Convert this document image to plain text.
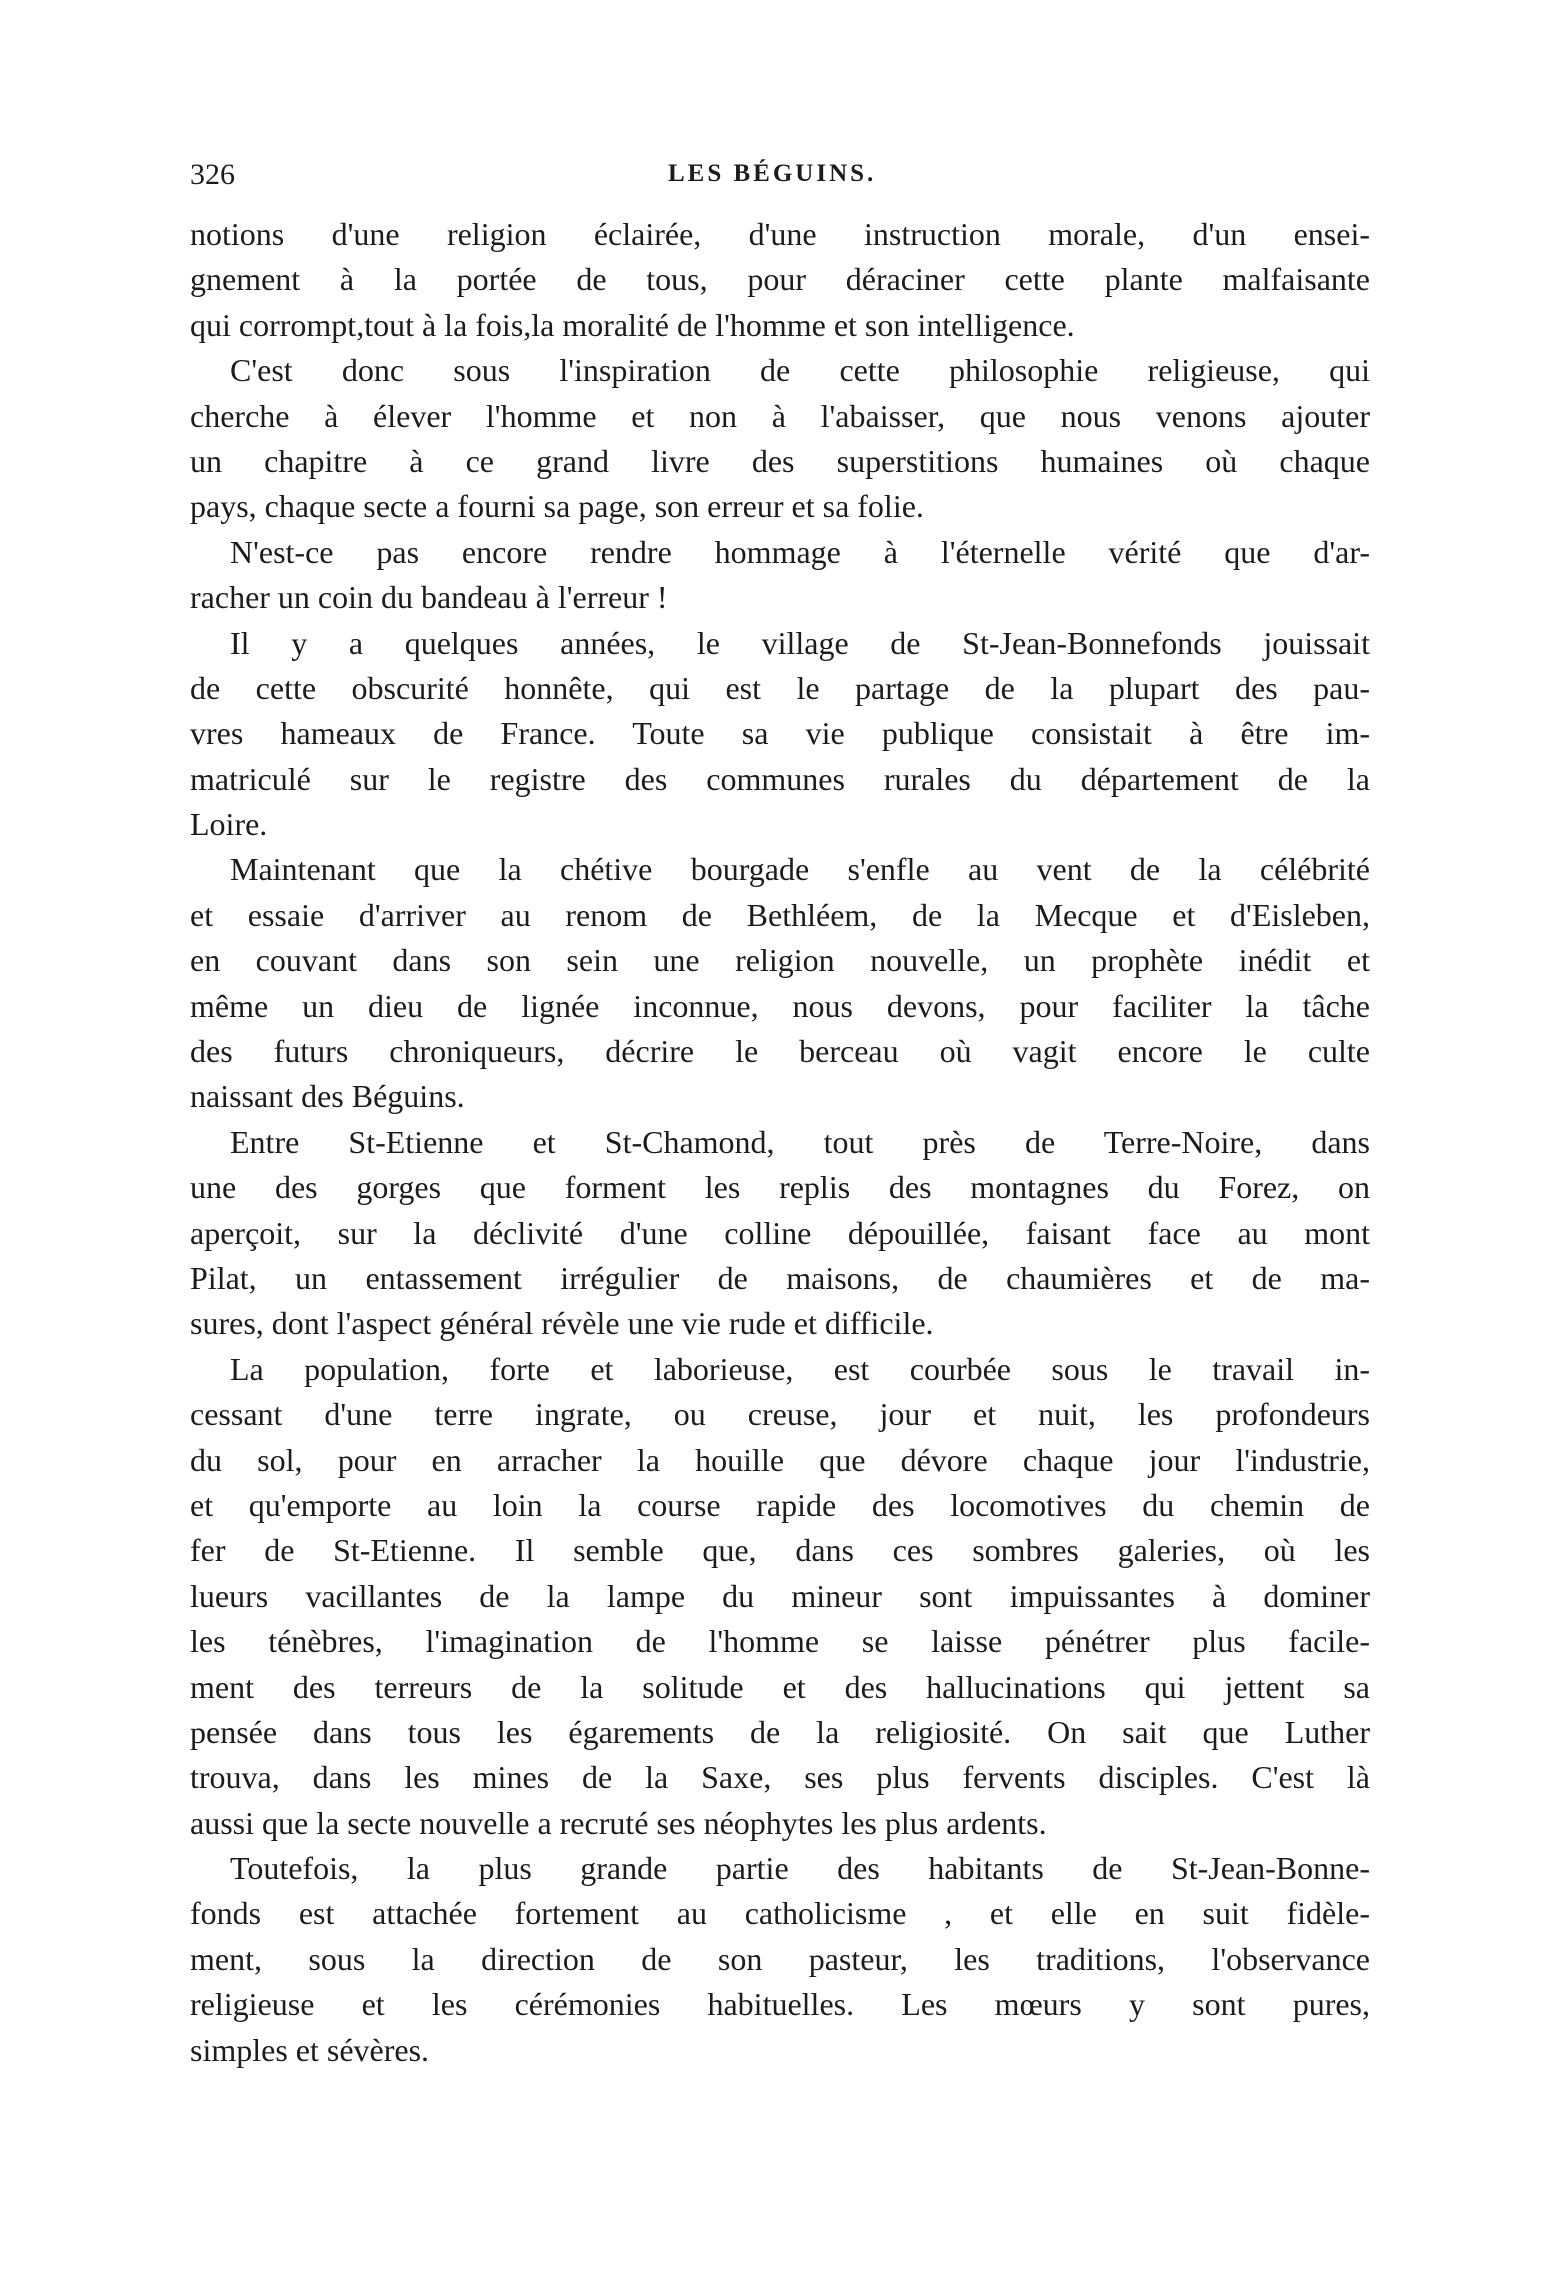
326	LES BÉGUINS.
notions d'une religion éclairée, d'une instruction morale, d'un ensei-
gnement à la portée de tous, pour déraciner cette plante malfaisante
qui corrompt,tout à la fois,la moralité de l'homme et son intelligence.
C'est donc sous l'inspiration de cette philosophie religieuse, qui
cherche à élever l'homme et non à l'abaisser, que nous venons ajouter
un chapitre à ce grand livre des superstitions humaines où chaque
pays, chaque secte a fourni sa page, son erreur et sa folie.
N'est-ce pas encore rendre hommage à l'éternelle vérité que d'ar-
racher un coin du bandeau à l'erreur !
Il y a quelques années, le village de St-Jean-Bonnefonds jouissait
de cette obscurité honnête, qui est le partage de la plupart des pau-
vres hameaux de France. Toute sa vie publique consistait à être im-
matriculé sur le registre des communes rurales du département de la
Loire.
Maintenant que la chétive bourgade s'enfle au vent de la célébrité
et essaie d'arriver au renom de Bethléem, de la Mecque et d'Eisleben,
en couvant dans son sein une religion nouvelle, un prophète inédit et
même un dieu de lignée inconnue, nous devons, pour faciliter la tâche
des futurs chroniqueurs, décrire le berceau où vagit encore le culte
naissant des Béguins.
Entre St-Etienne et St-Chamond, tout près de Terre-Noire, dans
une des gorges que forment les replis des montagnes du Forez, on
aperçoit, sur la déclivité d'une colline dépouillée, faisant face au mont
Pilat, un entassement irrégulier de maisons, de chaumières et de ma-
sures, dont l'aspect général révèle une vie rude et difficile.
La population, forte et laborieuse, est courbée sous le travail in-
cessant d'une terre ingrate, ou creuse, jour et nuit, les profondeurs
du sol, pour en arracher la houille que dévore chaque jour l'industrie,
et qu'emporte au loin la course rapide des locomotives du chemin de
fer de St-Etienne. Il semble que, dans ces sombres galeries, où les
lueurs vacillantes de la lampe du mineur sont impuissantes à dominer
les ténèbres, l'imagination de l'homme se laisse pénétrer plus facile-
ment des terreurs de la solitude et des hallucinations qui jettent sa
pensée dans tous les égarements de la religiosité. On sait que Luther
trouva, dans les mines de la Saxe, ses plus fervents disciples. C'est là
aussi que la secte nouvelle a recruté ses néophytes les plus ardents.
Toutefois, la plus grande partie des habitants de St-Jean-Bonne-
fonds est attachée fortement au catholicisme , et elle en suit fidèle-
ment, sous la direction de son pasteur, les traditions, l'observance
religieuse et les cérémonies habituelles. Les mœurs y sont pures,
simples et sévères.
